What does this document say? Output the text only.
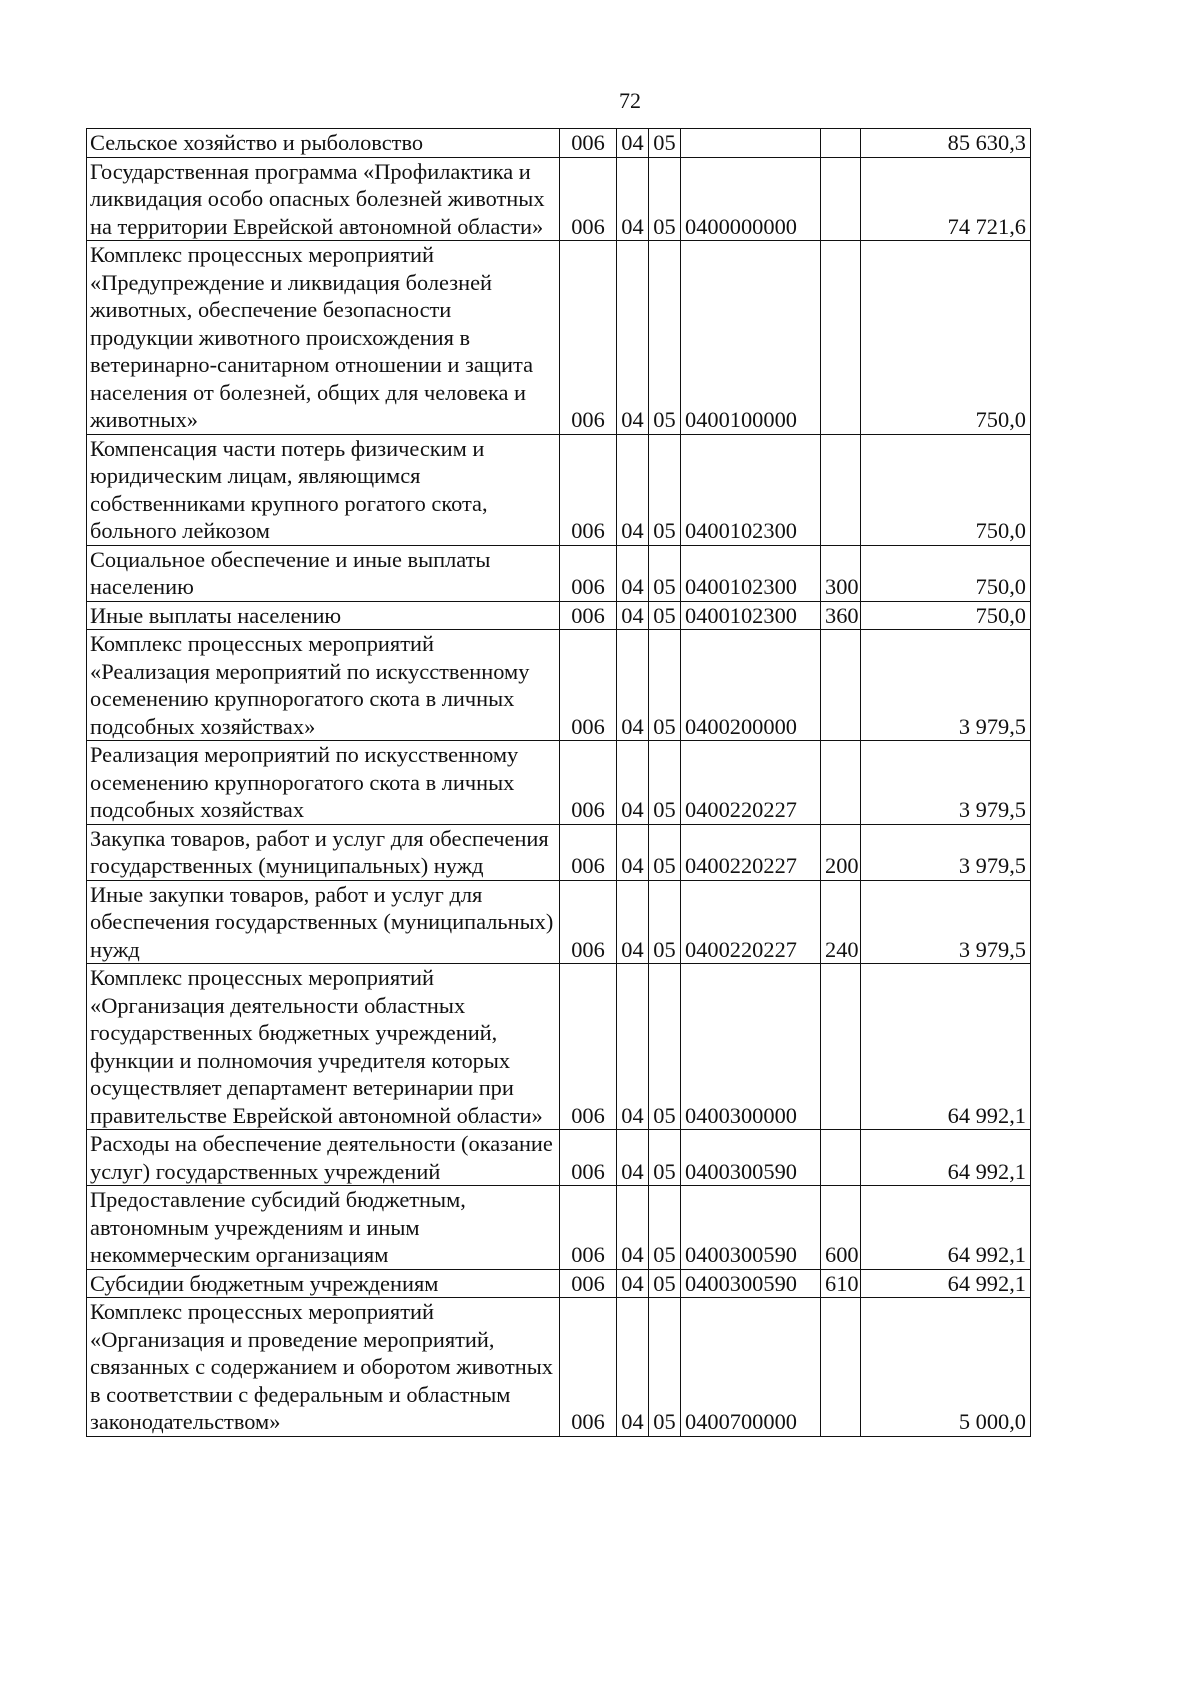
72
Сельское хозяйство и рыболовство	006	04	05			85 630,3
Государственная программа «Профилактика и ликвидация особо опасных болезней животных на территории Еврейской автономной области»	006	04	05	0400000000		74 721,6
Комплекс процессных мероприятий «Предупреждение и ликвидация болезней животных, обеспечение безопасности продукции животного происхождения в ветеринарно-санитарном отношении и защита населения от болезней, общих для человека и животных»	006	04	05	0400100000		750,0
Компенсация части потерь физическим и юридическим лицам, являющимся собственниками крупного рогатого скота, больного лейкозом	006	04	05	0400102300		750,0
Социальное обеспечение и иные выплаты населению	006	04	05	0400102300	300	750,0
Иные выплаты населению	006	04	05	0400102300	360	750,0
Комплекс процессных мероприятий «Реализация мероприятий по искусственному осеменению крупнорогатого скота в личных подсобных хозяйствах»	006	04	05	0400200000		3 979,5
Реализация мероприятий по искусственному осеменению крупнорогатого скота в личных подсобных хозяйствах	006	04	05	0400220227		3 979,5
Закупка товаров, работ и услуг для обеспечения государственных (муниципальных) нужд	006	04	05	0400220227	200	3 979,5
Иные закупки товаров, работ и услуг для обеспечения государственных (муниципальных) нужд	006	04	05	0400220227	240	3 979,5
Комплекс процессных мероприятий «Организация деятельности областных государственных бюджетных учреждений, функции и полномочия учредителя которых осуществляет департамент ветеринарии при правительстве Еврейской автономной области»	006	04	05	0400300000		64 992,1
Расходы на обеспечение деятельности (оказание услуг) государственных учреждений	006	04	05	0400300590		64 992,1
Предоставление субсидий бюджетным, автономным учреждениям и иным некоммерческим организациям	006	04	05	0400300590	600	64 992,1
Субсидии бюджетным учреждениям	006	04	05	0400300590	610	64 992,1
Комплекс процессных мероприятий «Организация и проведение мероприятий, связанных с содержанием и оборотом животных в соответствии с федеральным и областным законодательством»	006	04	05	0400700000		5 000,0
